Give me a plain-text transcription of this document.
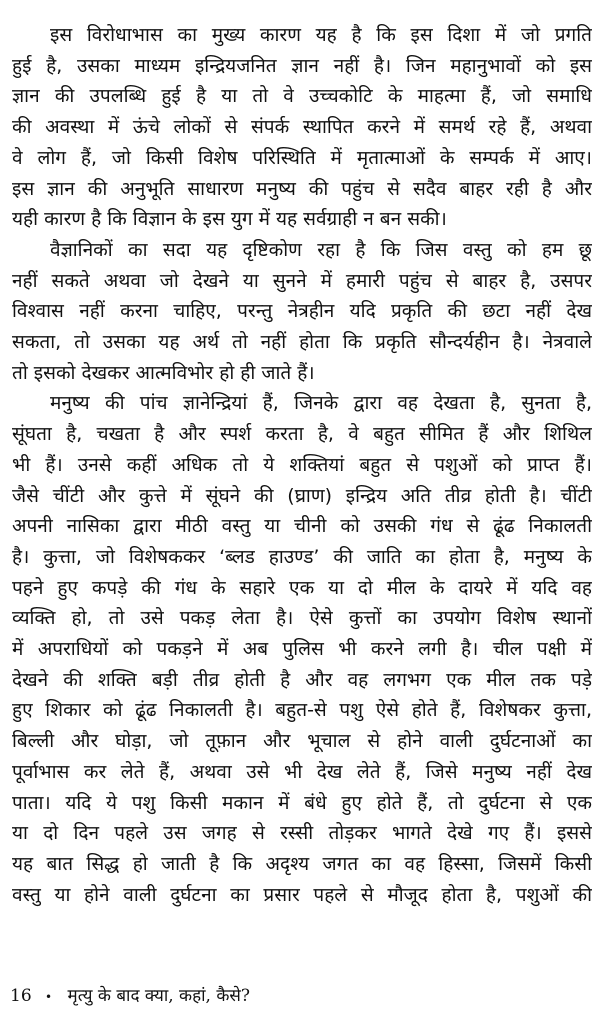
इस विरोधाभास का मुख्य कारण यह है कि इस दिशा में जो प्रगति
हुई है, उसका माध्यम इन्द्रियजनित ज्ञान नहीं है। जिन महानुभावों को इस
ज्ञान की उपलब्धि हुई है या तो वे उच्चकोटि के माहत्मा हैं, जो समाधि
की अवस्था में ऊंचे लोकों से संपर्क स्थापित करने में समर्थ रहे हैं, अथवा
वे लोग हैं, जो किसी विशेष परिस्थिति में मृतात्माओं के सम्पर्क में आए।
इस ज्ञान की अनुभूति साधारण मनुष्य की पहुंच से सदैव बाहर रही है और
यही कारण है कि विज्ञान के इस युग में यह सर्वग्राही न बन सकी।

वैज्ञानिकों का सदा यह दृष्टिकोण रहा है कि जिस वस्तु को हम छू
नहीं सकते अथवा जो देखने या सुनने में हमारी पहुंच से बाहर है, उसपर
विश्वास नहीं करना चाहिए, परन्तु नेत्रहीन यदि प्रकृति की छटा नहीं देख
सकता, तो उसका यह अर्थ तो नहीं होता कि प्रकृति सौन्दर्यहीन है। नेत्रवाले
तो इसको देखकर आत्मविभोर हो ही जाते हैं।

मनुष्य की पांच ज्ञानेन्द्रियां हैं, जिनके द्वारा वह देखता है, सुनता है,
सूंघता है, चखता है और स्पर्श करता है, वे बहुत सीमित हैं और शिथिल
भी हैं। उनसे कहीं अधिक तो ये शक्तियां बहुत से पशुओं को प्राप्त हैं।
जैसे चींटी और कुत्ते में सूंघने की (घ्राण) इन्द्रिय अति तीव्र होती है। चींटी
अपनी नासिका द्वारा मीठी वस्तु या चीनी को उसकी गंध से ढूंढ निकालती
है। कुत्ता, जो विशेषककर ‘ब्लड हाउण्ड’ की जाति का होता है, मनुष्य के
पहने हुए कपड़े की गंध के सहारे एक या दो मील के दायरे में यदि वह
व्यक्ति हो, तो उसे पकड़ लेता है। ऐसे कुत्तों का उपयोग विशेष स्थानों
में अपराधियों को पकड़ने में अब पुलिस भी करने लगी है। चील पक्षी में
देखने की शक्ति बड़ी तीव्र होती है और वह लगभग एक मील तक पड़े
हुए शिकार को ढूंढ निकालती है। बहुत-से पशु ऐसे होते हैं, विशेषकर कुत्ता,
बिल्ली और घोड़ा, जो तूफ़ान और भूचाल से होने वाली दुर्घटनाओं का
पूर्वाभास कर लेते हैं, अथवा उसे भी देख लेते हैं, जिसे मनुष्य नहीं देख
पाता। यदि ये पशु किसी मकान में बंधे हुए होते हैं, तो दुर्घटना से एक
या दो दिन पहले उस जगह से रस्सी तोड़कर भागते देखे गए हैं। इससे
यह बात सिद्ध हो जाती है कि अदृश्य जगत का वह हिस्सा, जिसमें किसी
वस्तु या होने वाली दुर्घटना का प्रसार पहले से मौजूद होता है, पशुओं की

16 • मृत्यु के बाद क्या, कहां, कैसे?
